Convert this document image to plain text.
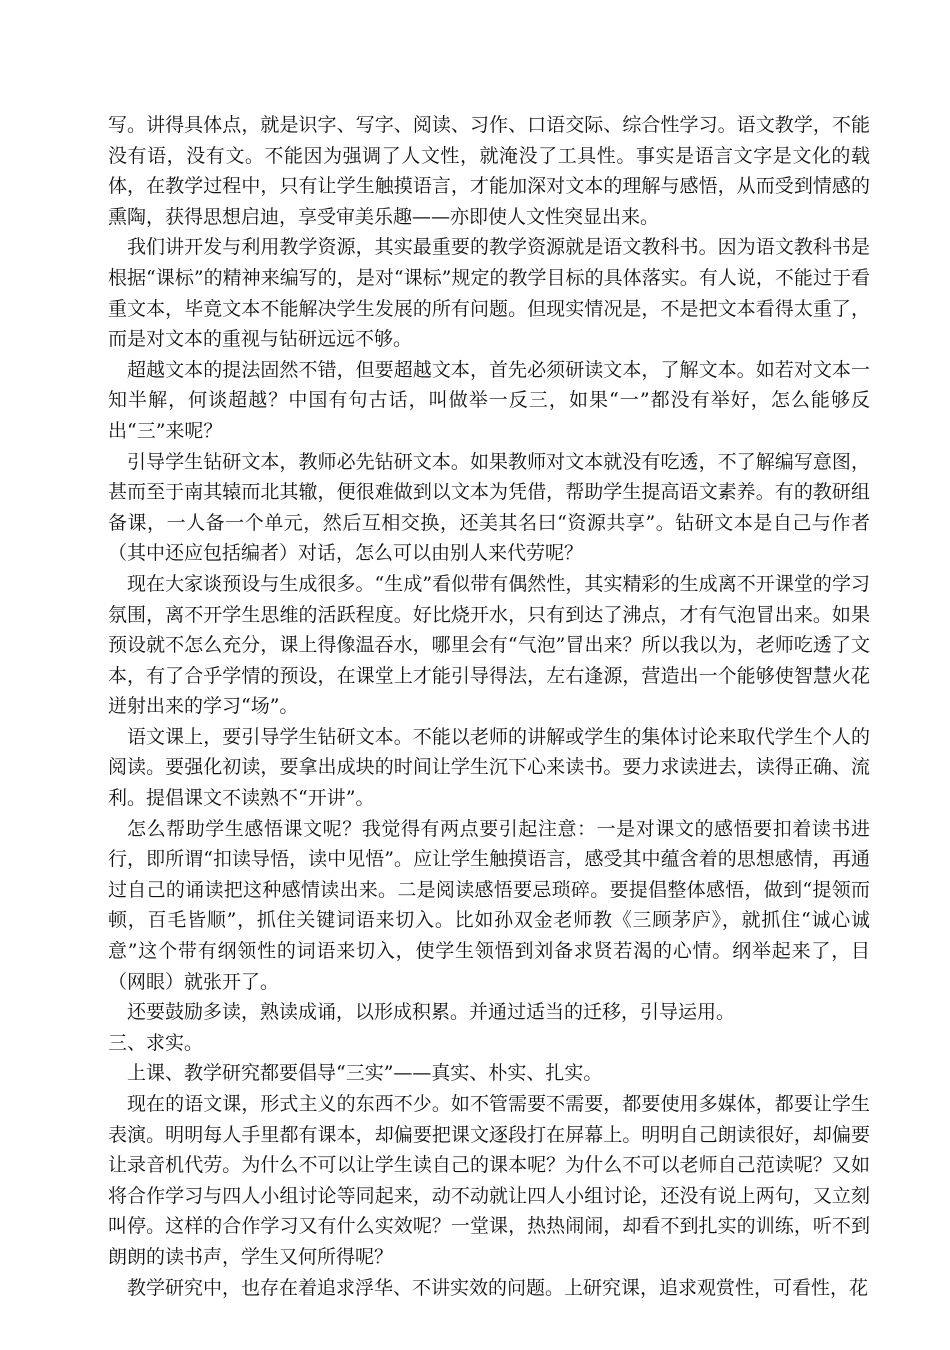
写。讲得具体点，就是识字、写字、阅读、习作、口语交际、综合性学习。语文教学，不能没有语，没有文。不能因为强调了人文性，就淹没了工具性。事实是语言文字是文化的载体，在教学过程中，只有让学生触摸语言，才能加深对文本的理解与感悟，从而受到情感的熏陶，获得思想启迪，享受审美乐趣——亦即使人文性突显出来。

我们讲开发与利用教学资源，其实最重要的教学资源就是语文教科书。因为语文教科书是根据“课标”的精神来编写的，是对“课标”规定的教学目标的具体落实。有人说，不能过于看重文本，毕竟文本不能解决学生发展的所有问题。但现实情况是，不是把文本看得太重了，而是对文本的重视与钻研远远不够。

超越文本的提法固然不错，但要超越文本，首先必须研读文本，了解文本。如若对文本一知半解，何谈超越？中国有句古话，叫做举一反三，如果“一”都没有举好，怎么能够反出“三”来呢？

引导学生钻研文本，教师必先钻研文本。如果教师对文本就没有吃透，不了解编写意图，甚而至于南其辕而北其辙，便很难做到以文本为凭借，帮助学生提高语文素养。有的教研组备课，一人备一个单元，然后互相交换，还美其名曰“资源共享”。钻研文本是自己与作者（其中还应包括编者）对话，怎么可以由别人来代劳呢？

现在大家谈预设与生成很多。“生成”看似带有偶然性，其实精彩的生成离不开课堂的学习氛围，离不开学生思维的活跃程度。好比烧开水，只有到达了沸点，才有气泡冒出来。如果预设就不怎么充分，课上得像温吞水，哪里会有“气泡”冒出来？所以我以为，老师吃透了文本，有了合乎学情的预设，在课堂上才能引导得法，左右逢源，营造出一个能够使智慧火花迸射出来的学习“场”。

语文课上，要引导学生钻研文本。不能以老师的讲解或学生的集体讨论来取代学生个人的阅读。要强化初读，要拿出成块的时间让学生沉下心来读书。要力求读进去，读得正确、流利。提倡课文不读熟不“开讲”。

怎么帮助学生感悟课文呢？我觉得有两点要引起注意：一是对课文的感悟要扣着读书进行，即所谓“扣读导悟，读中见悟”。应让学生触摸语言，感受其中蕴含着的思想感情，再通过自己的诵读把这种感情读出来。二是阅读感悟要忌琐碎。要提倡整体感悟，做到“提领而顿，百毛皆顺”，抓住关键词语来切入。比如孙双金老师教《三顾茅庐》，就抓住“诚心诚意”这个带有纲领性的词语来切入，使学生领悟到刘备求贤若渴的心情。纲举起来了，目（网眼）就张开了。

还要鼓励多读，熟读成诵，以形成积累。并通过适当的迁移，引导运用。

三、求实。

上课、教学研究都要倡导“三实”——真实、朴实、扎实。

现在的语文课，形式主义的东西不少。如不管需要不需要，都要使用多媒体，都要让学生表演。明明每人手里都有课本，却偏要把课文逐段打在屏幕上。明明自己朗读很好，却偏要让录音机代劳。为什么不可以让学生读自己的课本呢？为什么不可以老师自己范读呢？又如将合作学习与四人小组讨论等同起来，动不动就让四人小组讨论，还没有说上两句，又立刻叫停。这样的合作学习又有什么实效呢？一堂课，热热闹闹，却看不到扎实的训练，听不到朗朗的读书声，学生又何所得呢？

教学研究中，也存在着追求浮华、不讲实效的问题。上研究课，追求观赏性，可看性，花
